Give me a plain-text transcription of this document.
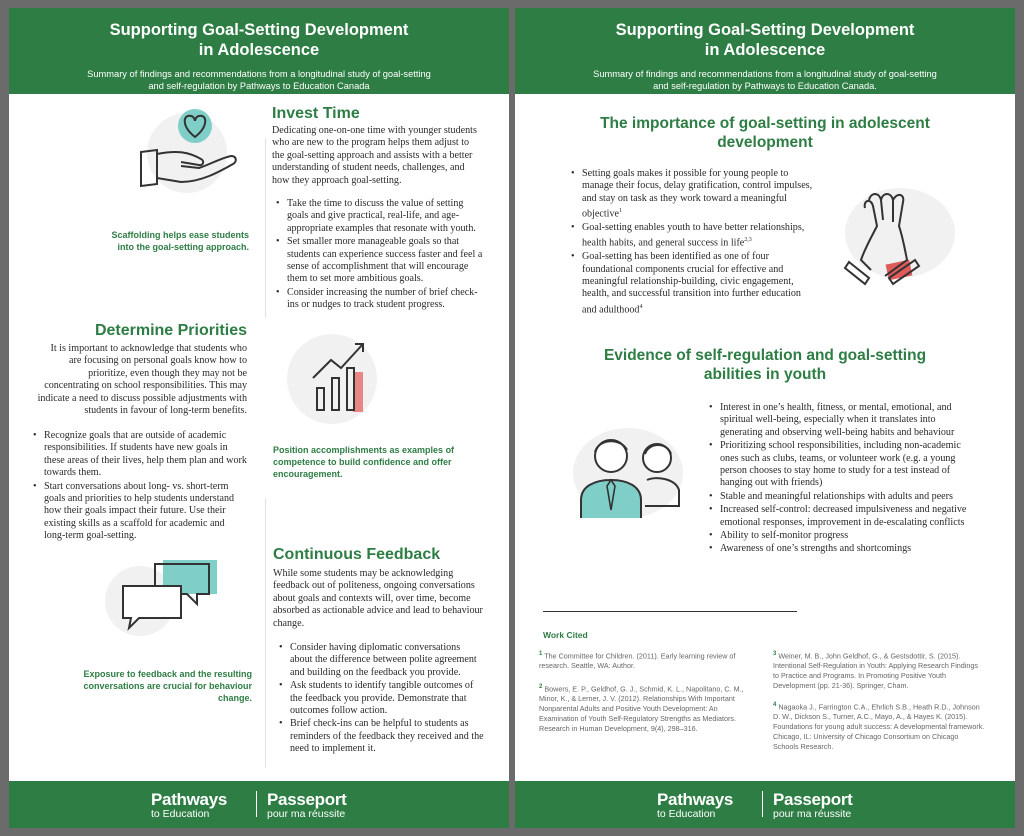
Supporting Goal-Setting Development
in Adolescence

Summary of findings and recommendations from a longitudinal study of goal-setting
and self-regulation by Pathways to Education Canada

Scaffolding helps ease students into the goal-setting approach.
Invest Time
Dedicating one-on-one time with younger students who are new to the program helps them adjust to the goal-setting approach and assists with a better understanding of student needs, challenges, and how they approach goal-setting.
• Take the time to discuss the value of setting goals and give practical, real-life, and age-appropriate examples that resonate with youth.
• Set smaller more manageable goals so that students can experience success faster and feel a sense of accomplishment that will encourage them to set more ambitious goals.
• Consider increasing the number of brief check-ins or nudges to track student progress.
Determine Priorities
It is important to acknowledge that students who are focusing on personal goals know how to prioritize, even though they may not be concentrating on school responsibilities. This may indicate a need to discuss possible adjustments with students in favour of long-term benefits.
• Recognize goals that are outside of academic responsibilities. If students have new goals in these areas of their lives, help them plan and work towards them.
• Start conversations about long- vs. short-term goals and priorities to help students understand how their goals impact their future. Use their existing skills as a scaffold for academic and long-term goal-setting.
Position accomplishments as examples of competence to build confidence and offer encouragement.
Exposure to feedback and the resulting conversations are crucial for behaviour change.
Continuous Feedback
While some students may be acknowledging feedback out of politeness, ongoing conversations about goals and contexts will, over time, become absorbed as actionable advice and lead to behaviour change.
• Consider having diplomatic conversations about the difference between polite agreement and building on the feedback you provide.
• Ask students to identify tangible outcomes of the feedback you provide. Demonstrate that outcomes follow action.
• Brief check-ins can be helpful to students as reminders of the feedback they received and the need to implement it.
Pathways
to Education
Passeport
pour ma réussite
Supporting Goal-Setting Development
in Adolescence

Summary of findings and recommendations from a longitudinal study of goal-setting
and self-regulation by Pathways to Education Canada.

The importance of goal-setting in adolescent
development
• Setting goals makes it possible for young people to manage their focus, delay gratification, control impulses, and stay on task as they work toward a meaningful objective$^1$
• Goal-setting enables youth to have better relationships, health habits, and general success in life$^{2,3}$
• Goal-setting has been identified as one of four foundational components crucial for effective and meaningful relationship-building, civic engagement, health, and successful transition into further education and adulthood$^4$
Evidence of self-regulation and goal-setting
abilities in youth
• Interest in one’s health, fitness, or mental, emotional, and spiritual well-being, especially when it translates into generating and observing well-being habits and behaviour
• Prioritizing school responsibilities, including non-academic ones such as clubs, teams, or volunteer work (e.g. a young person chooses to stay home to study for a test instead of hanging out with friends)
• Stable and meaningful relationships with adults and peers
• Increased self-control: decreased impulsiveness and negative emotional responses, improvement in de-escalating conflicts
• Ability to self-monitor progress
• Awareness of one’s strengths and shortcomings
Work Cited
$^1$ The Committee for Children. (2011). Early learning review of research. Seattle, WA: Author.
$^2$ Bowers, E. P., Geldhof, G. J., Schmid, K. L., Napolitano, C. M., Minor, K., & Lerner, J. V. (2012). Relationships With Important Nonparental Adults and Positive Youth Development: An Examination of Youth Self-Regulatory Strengths as Mediators. Research in Human Development, 9(4), 298–316.
$^3$ Weiner, M. B., John Geldhof, G., & Gestsdottir, S. (2015). Intentional Self-Regulation in Youth: Applying Research Findings to Practice and Programs. In Promoting Positive Youth Development (pp. 21-36). Springer, Cham.
$^4$ Nagaoka J., Farrington C.A., Ehrlich S.B., Heath R.D., Johnson D. W., Dickson S., Turner, A.C., Mayo, A., & Hayes K. (2015). Foundations for young adult success: A developmental framework. Chicago, IL: University of Chicago Consortium on Chicago Schools Research.
Pathways
to Education
Passeport
pour ma réussite
